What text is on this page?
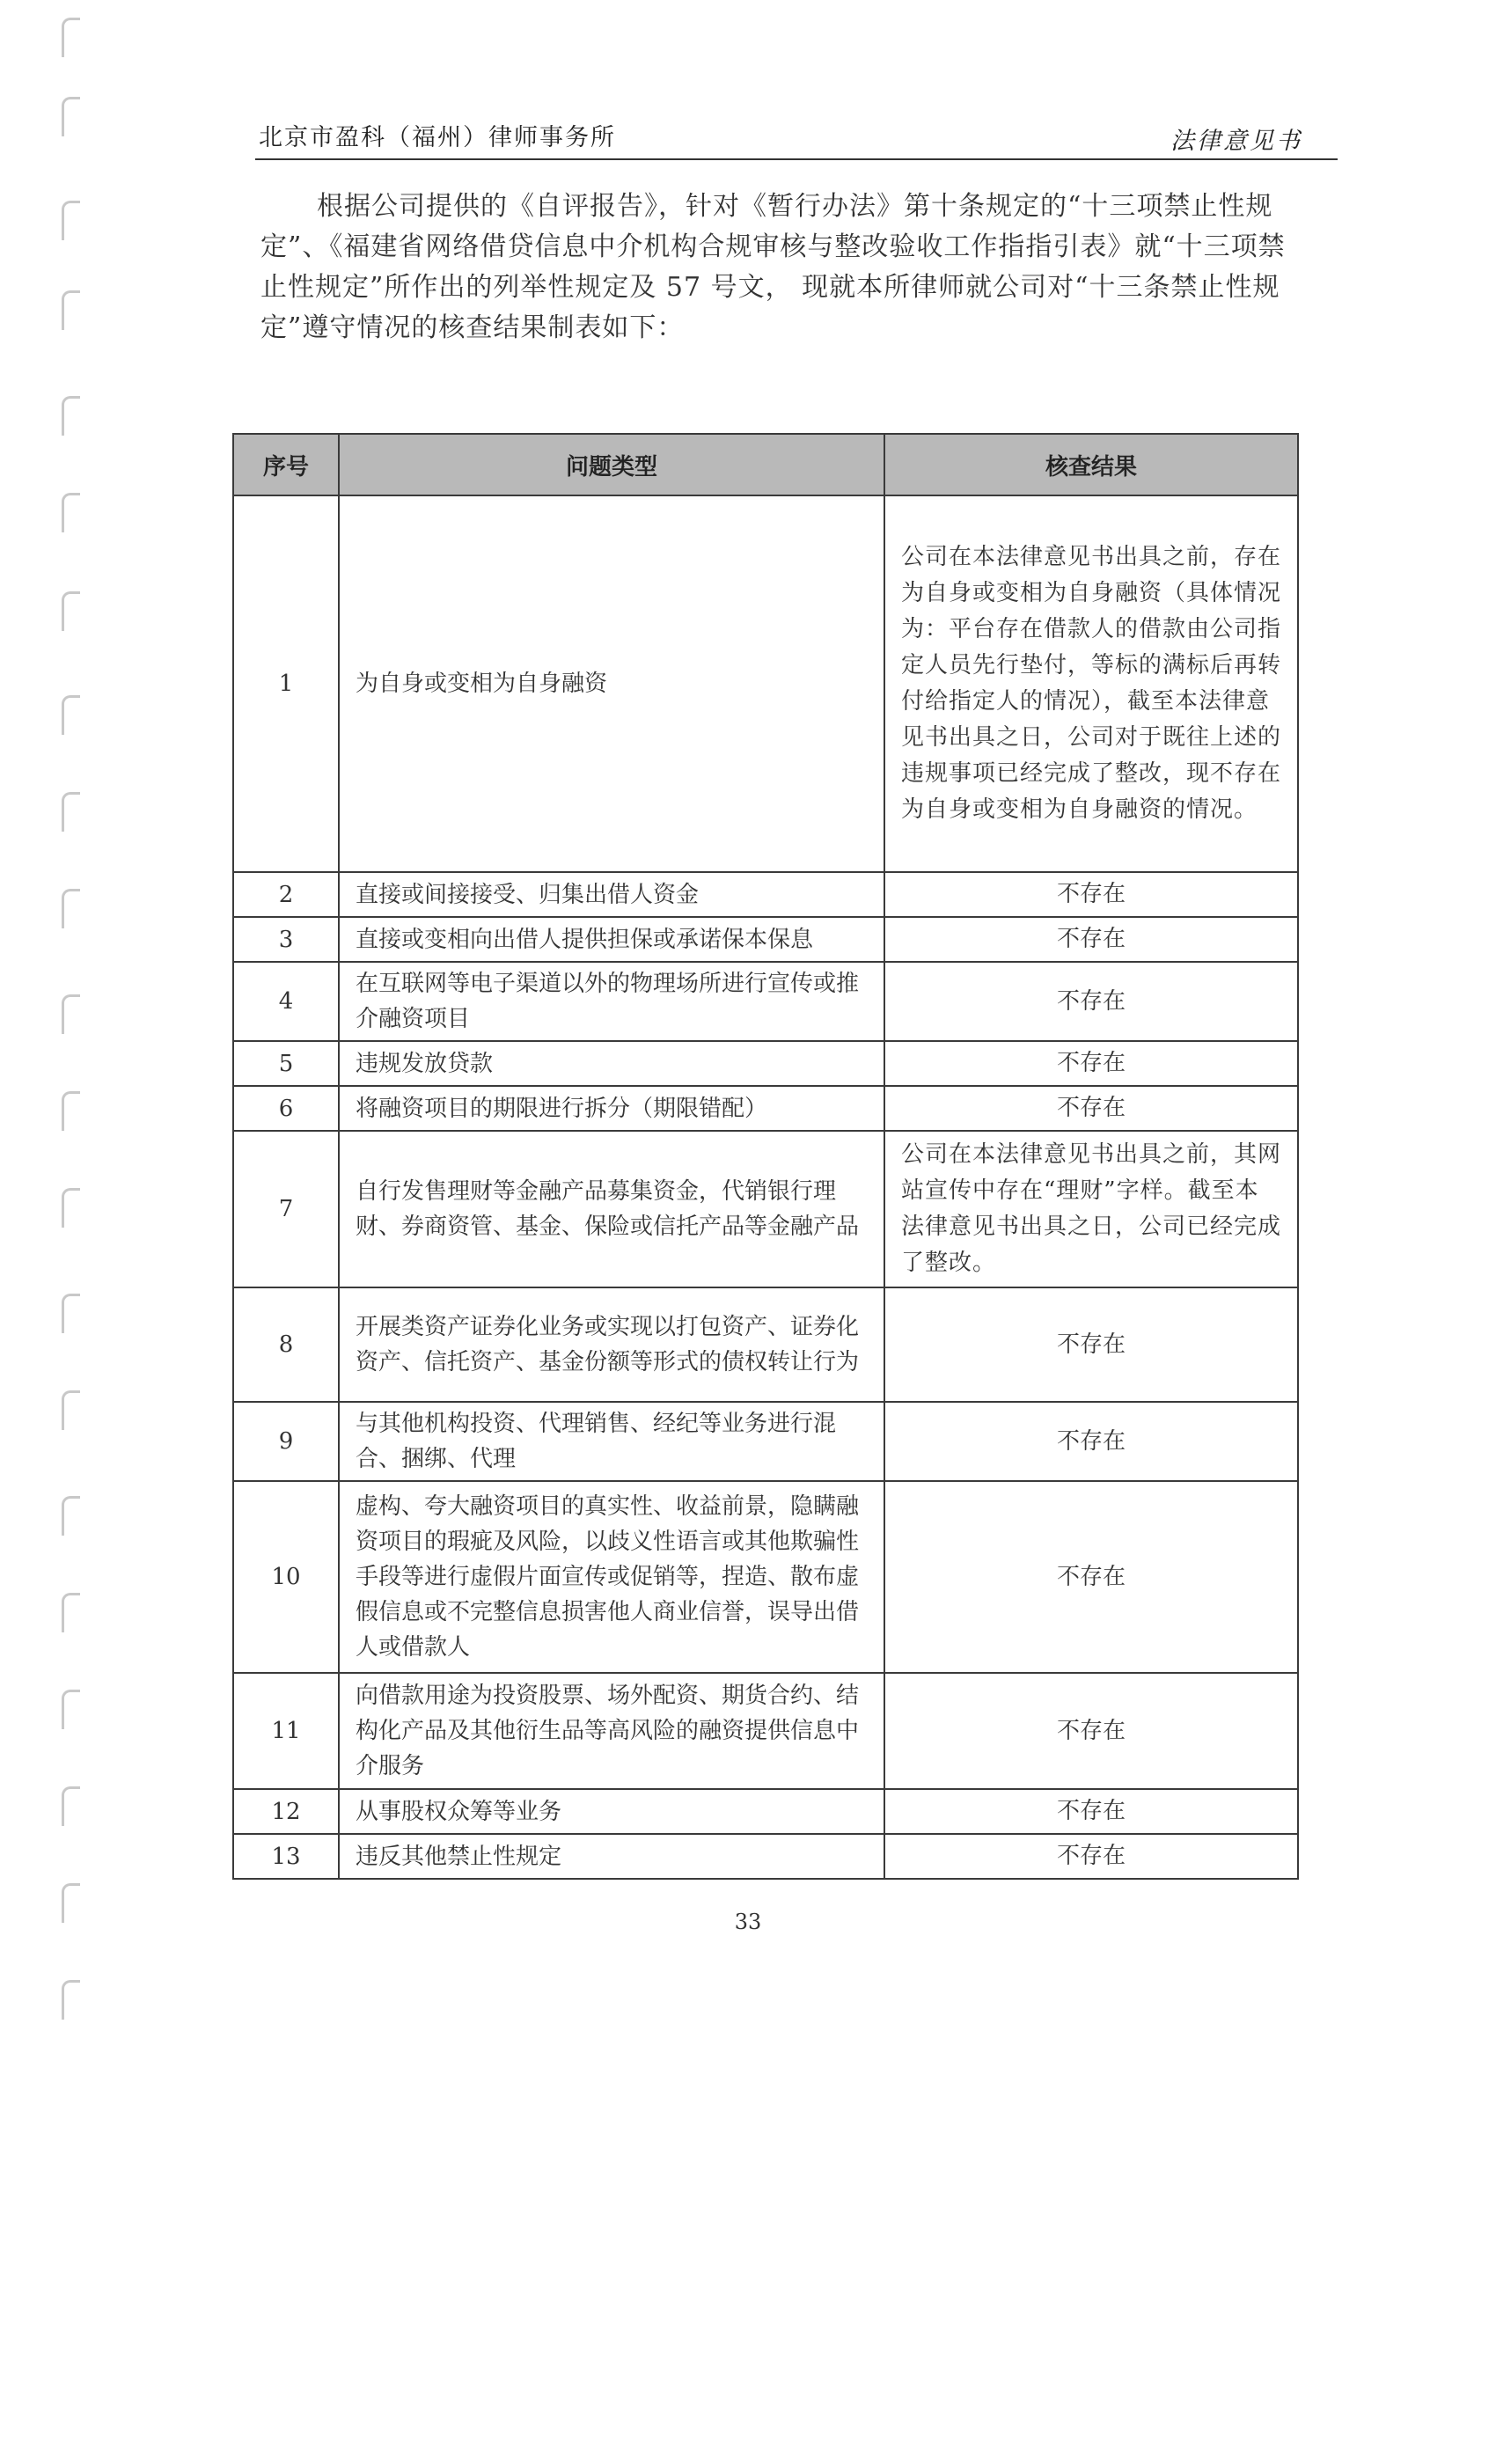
北京市盈科（福州）律师事务所	法律意见书

根据公司提供的《自评报告》，针对《暂行办法》第十条规定的“十三项禁止性规定”、《福建省网络借贷信息中介机构合规审核与整改验收工作指指引表》就“十三项禁止性规定”所作出的列举性规定及 57 号文， 现就本所律师就公司对“十三条禁止性规定”遵守情况的核查结果制表如下：

序号	问题类型	核查结果
1	为自身或变相为自身融资	公司在本法律意见书出具之前，存在为自身或变相为自身融资（具体情况为：平台存在借款人的借款由公司指定人员先行垫付，等标的满标后再转付给指定人的情况），截至本法律意见书出具之日，公司对于既往上述的违规事项已经完成了整改，现不存在为自身或变相为自身融资的情况。
2	直接或间接接受、归集出借人资金	不存在
3	直接或变相向出借人提供担保或承诺保本保息	不存在
4	在互联网等电子渠道以外的物理场所进行宣传或推介融资项目	不存在
5	违规发放贷款	不存在
6	将融资项目的期限进行拆分（期限错配）	不存在
7	自行发售理财等金融产品募集资金，代销银行理财、券商资管、基金、保险或信托产品等金融产品	公司在本法律意见书出具之前，其网站宣传中存在“理财”字样。截至本法律意见书出具之日，公司已经完成了整改。
8	开展类资产证券化业务或实现以打包资产、证券化资产、信托资产、基金份额等形式的债权转让行为	不存在
9	与其他机构投资、代理销售、经纪等业务进行混合、捆绑、代理	不存在
10	虚构、夸大融资项目的真实性、收益前景，隐瞒融资项目的瑕疵及风险，以歧义性语言或其他欺骗性手段等进行虚假片面宣传或促销等，捏造、散布虚假信息或不完整信息损害他人商业信誉，误导出借人或借款人	不存在
11	向借款用途为投资股票、场外配资、期货合约、结构化产品及其他衍生品等高风险的融资提供信息中介服务	不存在
12	从事股权众筹等业务	不存在
13	违反其他禁止性规定	不存在
33
